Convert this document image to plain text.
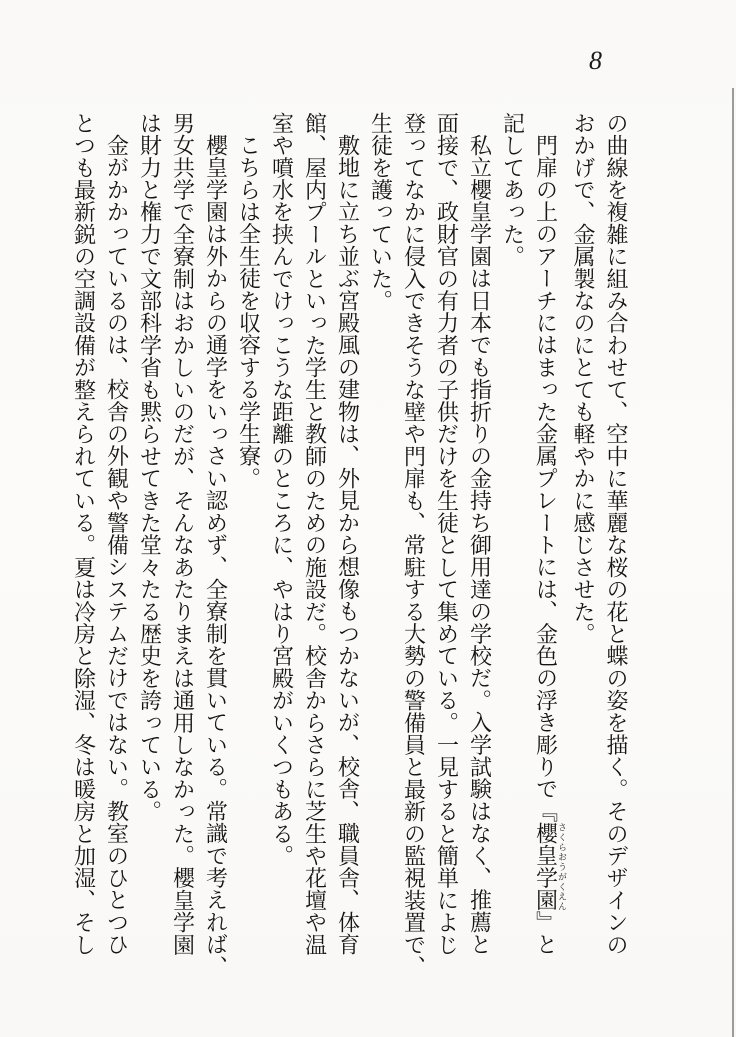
8

の曲線を複雑に組み合わせて、空中に華麗な桜の花と蝶の姿を描く。そのデザインの

おかげで、金属製なのにとても軽やかに感じさせた。

門扉の上のアーチにはまった金属プレートには、金色の浮き彫りで『櫻皇学園さくらおうがくえん』と

記してあった。

私立櫻皇学園は日本でも指折りの金持ち御用達の学校だ。入学試験はなく、推薦と

面接で、政財官の有力者の子供だけを生徒として集めている。一見すると簡単によじ

登ってなかに侵入できそうな壁や門扉も、常駐する大勢の警備員と最新の監視装置で、

生徒を護っていた。

敷地に立ち並ぶ宮殿風の建物は、外見から想像もつかないが、校舎、職員舎、体育

館、屋内プールといった学生と教師のための施設だ。校舎からさらに芝生や花壇や温

室や噴水を挟んでけっこうな距離のところに、やはり宮殿がいくつもある。

こちらは全生徒を収容する学生寮。

櫻皇学園は外からの通学をいっさい認めず、全寮制を貫いている。常識で考えれば、

男女共学で全寮制はおかしいのだが、そんなあたりまえは通用しなかった。櫻皇学園

は財力と権力で文部科学省も黙らせてきた堂々たる歴史を誇っている。

金がかかっているのは、校舎の外観や警備システムだけではない。教室のひとつひ

とつも最新鋭の空調設備が整えられている。夏は冷房と除湿、冬は暖房と加湿、そし
